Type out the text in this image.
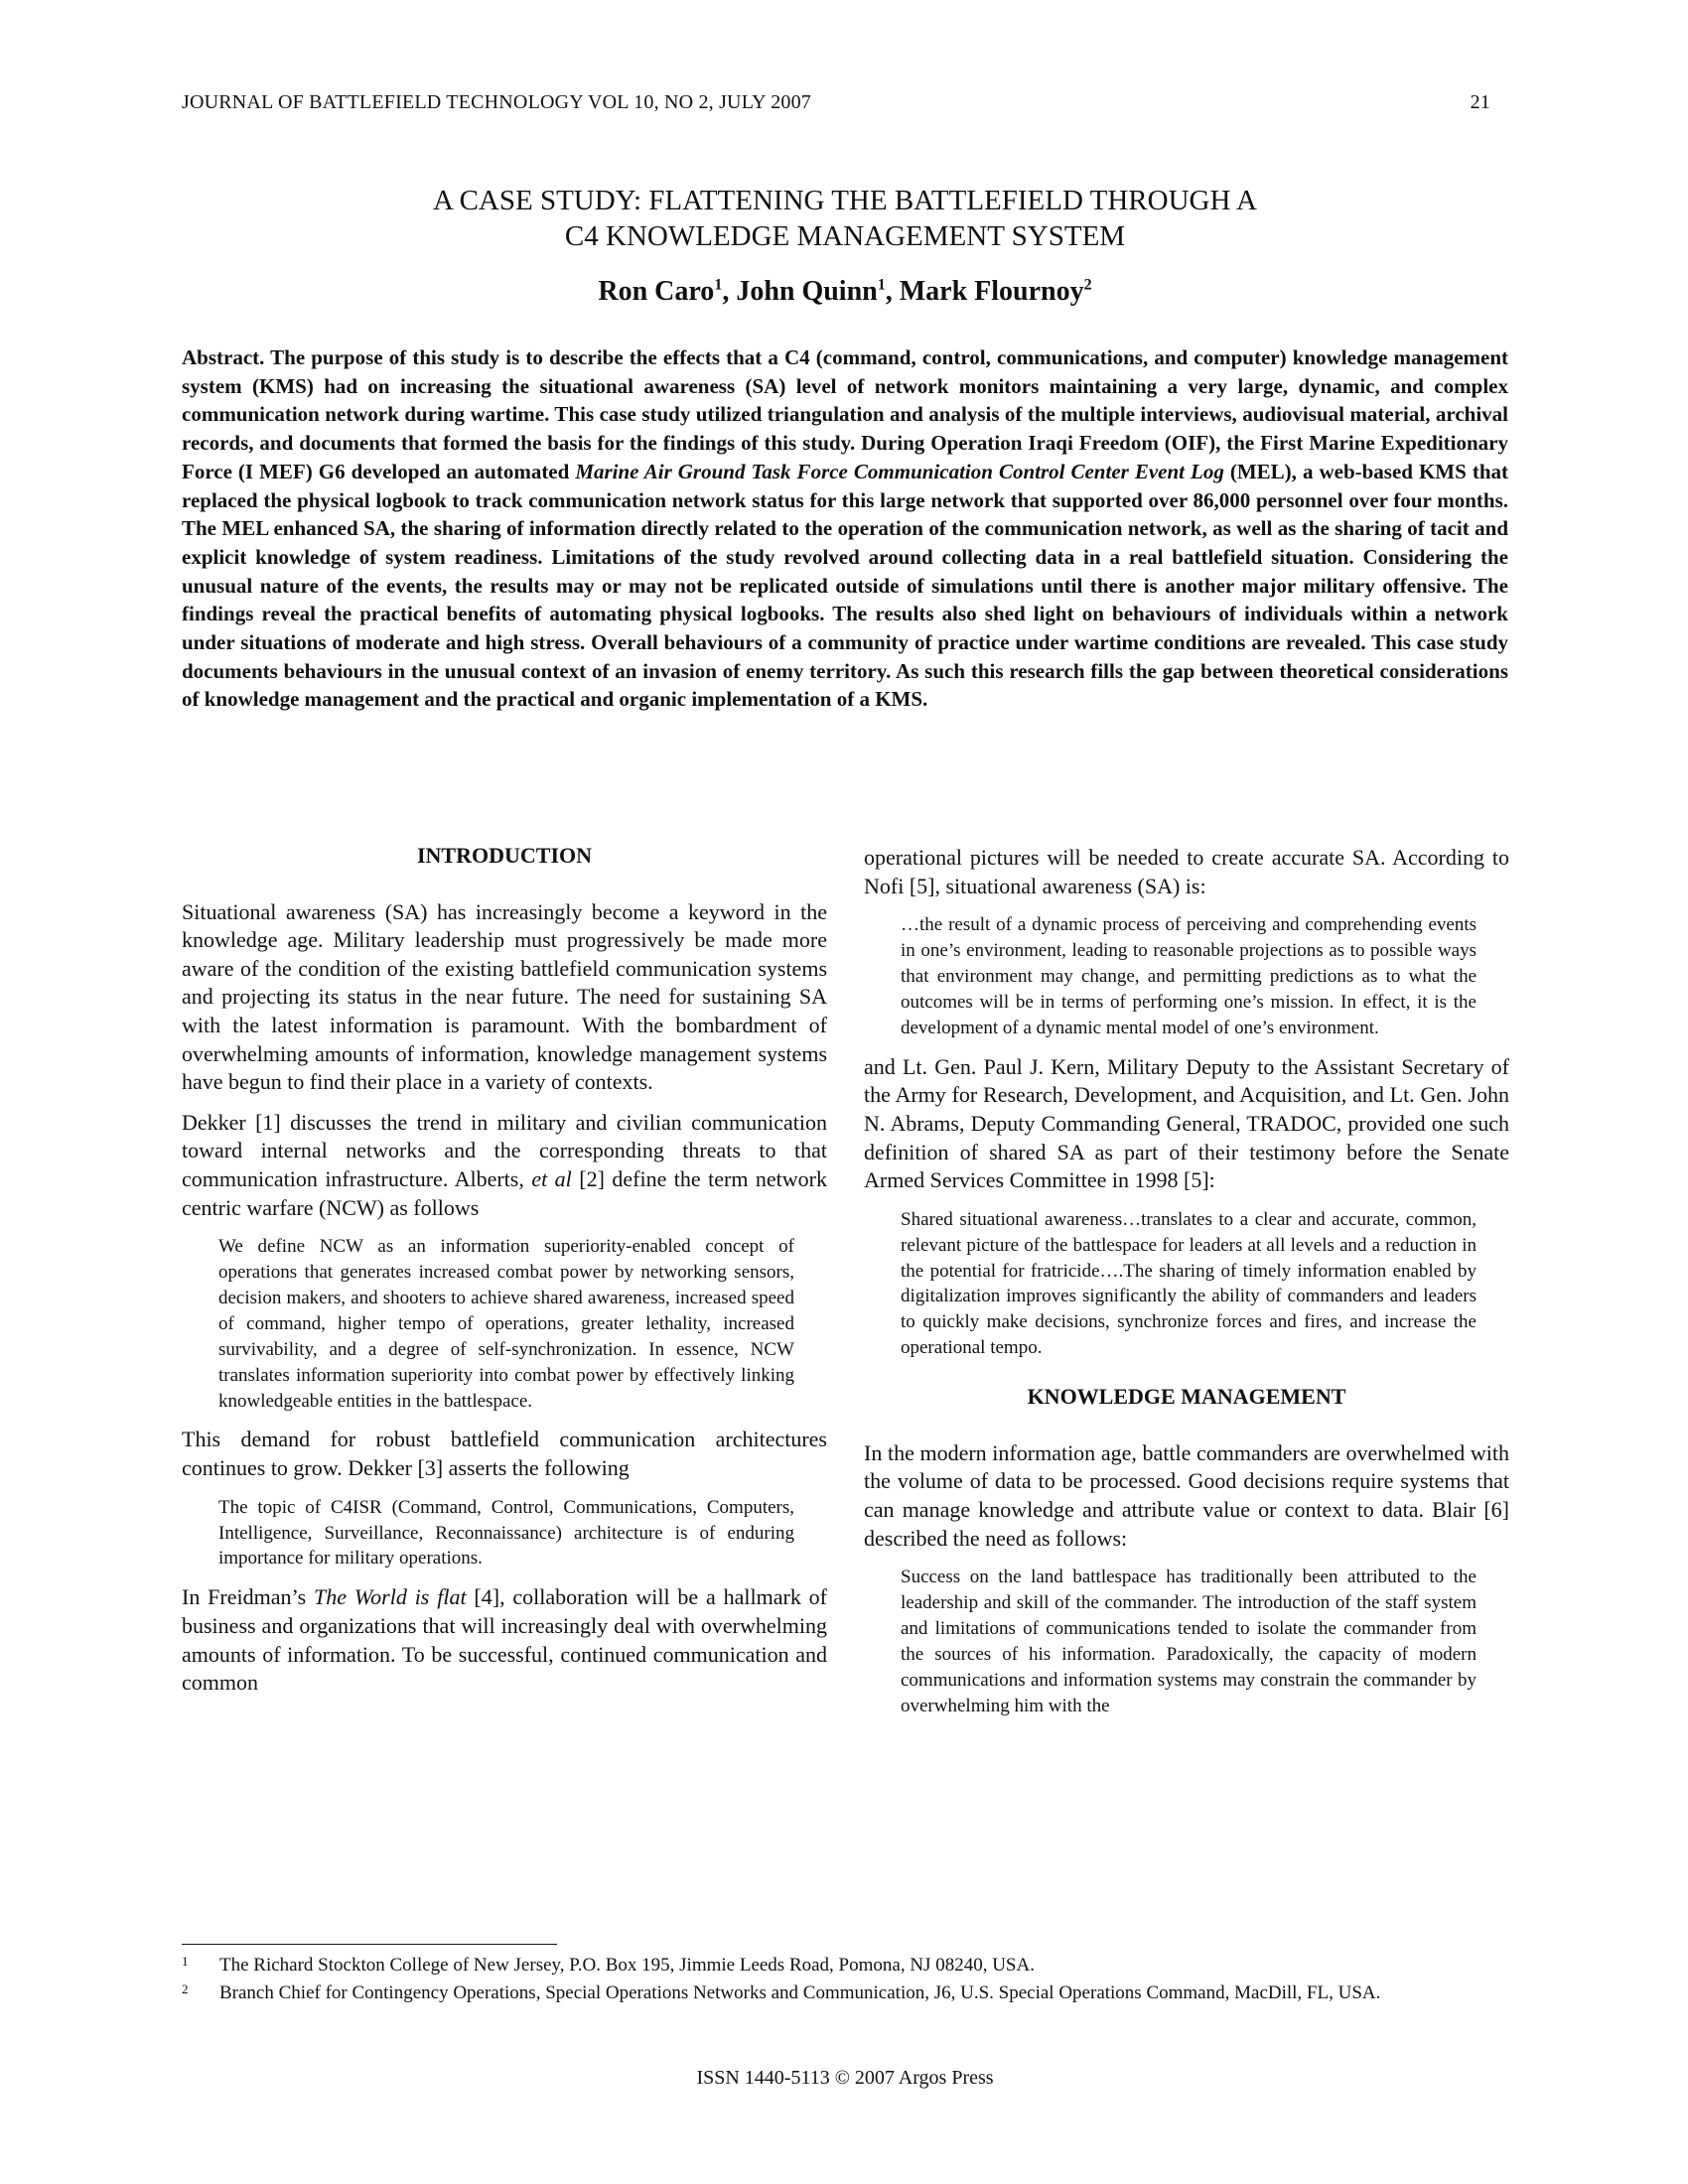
JOURNAL OF BATTLEFIELD TECHNOLOGY VOL 10, NO 2, JULY 2007	21
A CASE STUDY: FLATTENING THE BATTLEFIELD THROUGH A
C4 KNOWLEDGE MANAGEMENT SYSTEM
Ron Caro$^1$, John Quinn$^1$, Mark Flournoy$^2$
Abstract. The purpose of this study is to describe the effects that a C4 (command, control, communications, and computer) knowledge management system (KMS) had on increasing the situational awareness (SA) level of network monitors maintaining a very large, dynamic, and complex communication network during wartime. This case study utilized triangulation and analysis of the multiple interviews, audiovisual material, archival records, and documents that formed the basis for the findings of this study. During Operation Iraqi Freedom (OIF), the First Marine Expeditionary Force (I MEF) G6 developed an automated Marine Air Ground Task Force Communication Control Center Event Log (MEL), a web-based KMS that replaced the physical logbook to track communication network status for this large network that supported over 86,000 personnel over four months. The MEL enhanced SA, the sharing of information directly related to the operation of the communication network, as well as the sharing of tacit and explicit knowledge of system readiness. Limitations of the study revolved around collecting data in a real battlefield situation. Considering the unusual nature of the events, the results may or may not be replicated outside of simulations until there is another major military offensive. The findings reveal the practical benefits of automating physical logbooks. The results also shed light on behaviours of individuals within a network under situations of moderate and high stress. Overall behaviours of a community of practice under wartime conditions are revealed. This case study documents behaviours in the unusual context of an invasion of enemy territory. As such this research fills the gap between theoretical considerations of knowledge management and the practical and organic implementation of a KMS.
INTRODUCTION

Situational awareness (SA) has increasingly become a keyword in the knowledge age. Military leadership must progressively be made more aware of the condition of the existing battlefield communication systems and projecting its status in the near future. The need for sustaining SA with the latest information is paramount. With the bombardment of overwhelming amounts of information, knowledge management systems have begun to find their place in a variety of contexts.

Dekker [1] discusses the trend in military and civilian communication toward internal networks and the corresponding threats to that communication infrastructure. Alberts, et al [2] define the term network centric warfare (NCW) as follows

We define NCW as an information superiority-enabled concept of operations that generates increased combat power by networking sensors, decision makers, and shooters to achieve shared awareness, increased speed of command, higher tempo of operations, greater lethality, increased survivability, and a degree of self-synchronization. In essence, NCW translates information superiority into combat power by effectively linking knowledgeable entities in the battlespace.

This demand for robust battlefield communication architectures continues to grow. Dekker [3] asserts the following

The topic of C4ISR (Command, Control, Communications, Computers, Intelligence, Surveillance, Reconnaissance) architecture is of enduring importance for military operations.

In Freidman’s The World is flat [4], collaboration will be a hallmark of business and organizations that will increasingly deal with overwhelming amounts of information. To be successful, continued communication and common

operational pictures will be needed to create accurate SA. According to Nofi [5], situational awareness (SA) is:

…the result of a dynamic process of perceiving and comprehending events in one’s environment, leading to reasonable projections as to possible ways that environment may change, and permitting predictions as to what the outcomes will be in terms of performing one’s mission. In effect, it is the development of a dynamic mental model of one’s environment.

and Lt. Gen. Paul J. Kern, Military Deputy to the Assistant Secretary of the Army for Research, Development, and Acquisition, and Lt. Gen. John N. Abrams, Deputy Commanding General, TRADOC, provided one such definition of shared SA as part of their testimony before the Senate Armed Services Committee in 1998 [5]:

Shared situational awareness…translates to a clear and accurate, common, relevant picture of the battlespace for leaders at all levels and a reduction in the potential for fratricide….The sharing of timely information enabled by digitalization improves significantly the ability of commanders and leaders to quickly make decisions, synchronize forces and fires, and increase the operational tempo.
KNOWLEDGE MANAGEMENT

In the modern information age, battle commanders are overwhelmed with the volume of data to be processed. Good decisions require systems that can manage knowledge and attribute value or context to data. Blair [6] described the need as follows:

Success on the land battlespace has traditionally been attributed to the leadership and skill of the commander. The introduction of the staff system and limitations of communications tended to isolate the commander from the sources of his information. Paradoxically, the capacity of modern communications and information systems may constrain the commander by overwhelming him with the
1	The Richard Stockton College of New Jersey, P.O. Box 195, Jimmie Leeds Road, Pomona, NJ 08240, USA.
2	Branch Chief for Contingency Operations, Special Operations Networks and Communication, J6, U.S. Special Operations Command, MacDill, FL, USA.
ISSN 1440-5113 © 2007 Argos Press
